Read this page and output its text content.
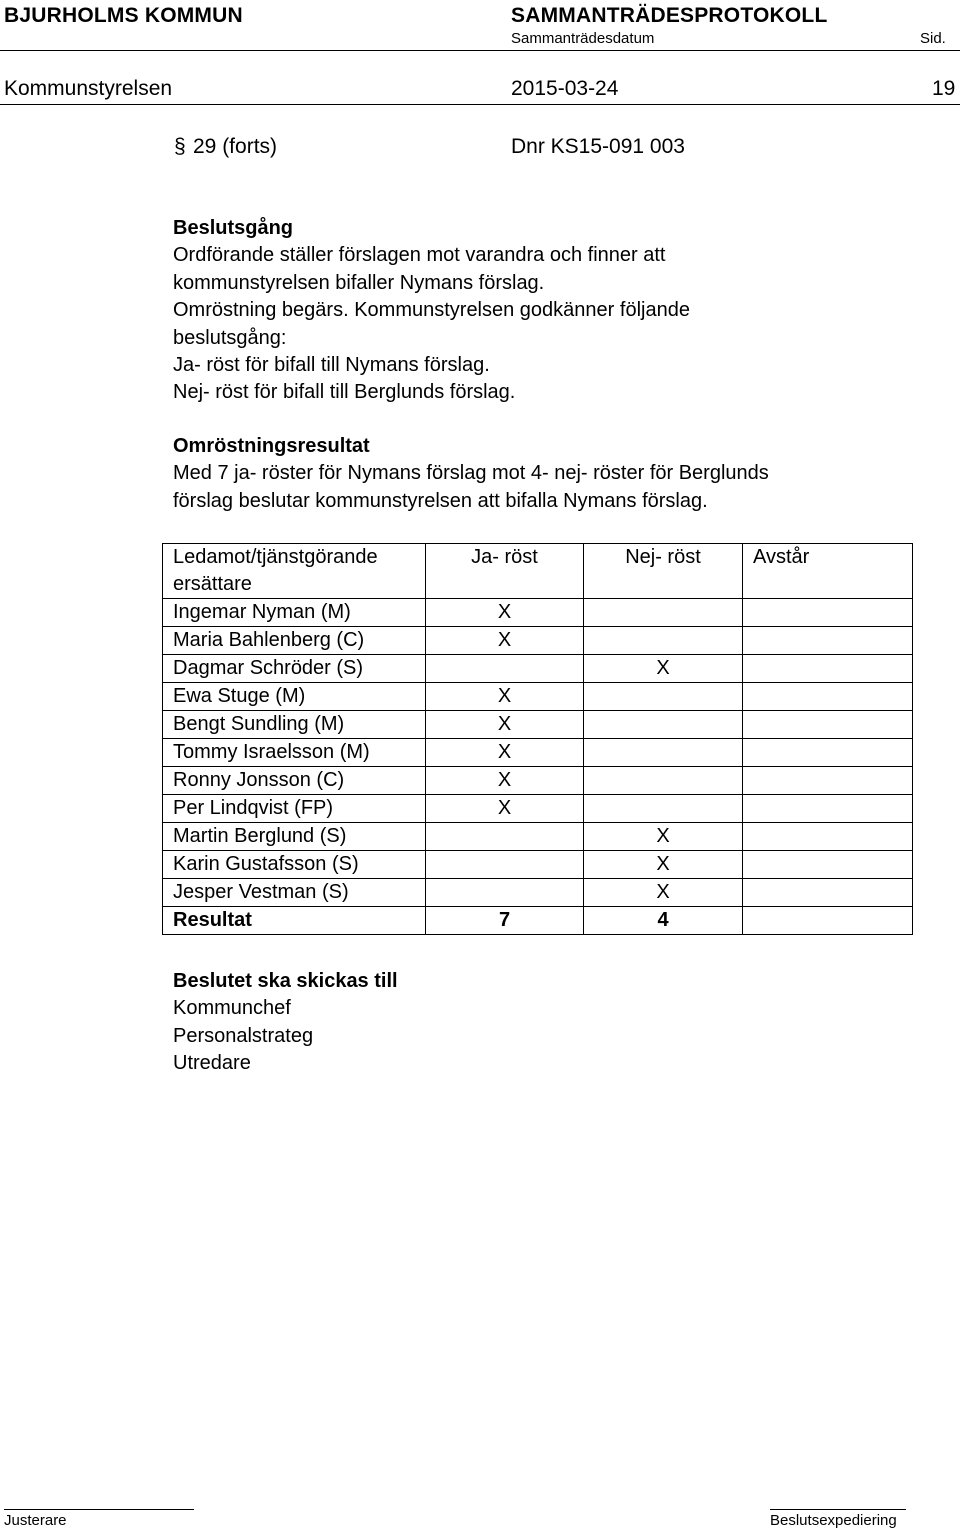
BJURHOLMS KOMMUN	SAMMANTRÄDESPROTOKOLL
Sammanträdesdatum	Sid.
Kommunstyrelsen	2015-03-24	19
§ 29 (forts)	Dnr KS15-091 003
Beslutsgång
Ordförande ställer förslagen mot varandra och finner att
kommunstyrelsen bifaller Nymans förslag.
Omröstning begärs. Kommunstyrelsen godkänner följande
beslutsgång:
Ja- röst för bifall till Nymans förslag.
Nej- röst för bifall till Berglunds förslag.
Omröstningsresultat
Med 7 ja- röster för Nymans förslag mot 4- nej- röster för Berglunds
förslag beslutar kommunstyrelsen att bifalla Nymans förslag.
Ledamot/tjänstgörande ersättare	Ja- röst	Nej- röst	Avstår
Ingemar Nyman (M)	X		
Maria Bahlenberg (C)	X		
Dagmar Schröder (S)		X	
Ewa Stuge (M)	X		
Bengt Sundling (M)	X		
Tommy Israelsson (M)	X		
Ronny Jonsson (C)	X		
Per Lindqvist (FP)	X		
Martin Berglund (S)		X	
Karin Gustafsson (S)		X	
Jesper Vestman (S)		X	
Resultat	7	4	
Beslutet ska skickas till
Kommunchef
Personalstrateg
Utredare
Justerare	Beslutsexpediering
